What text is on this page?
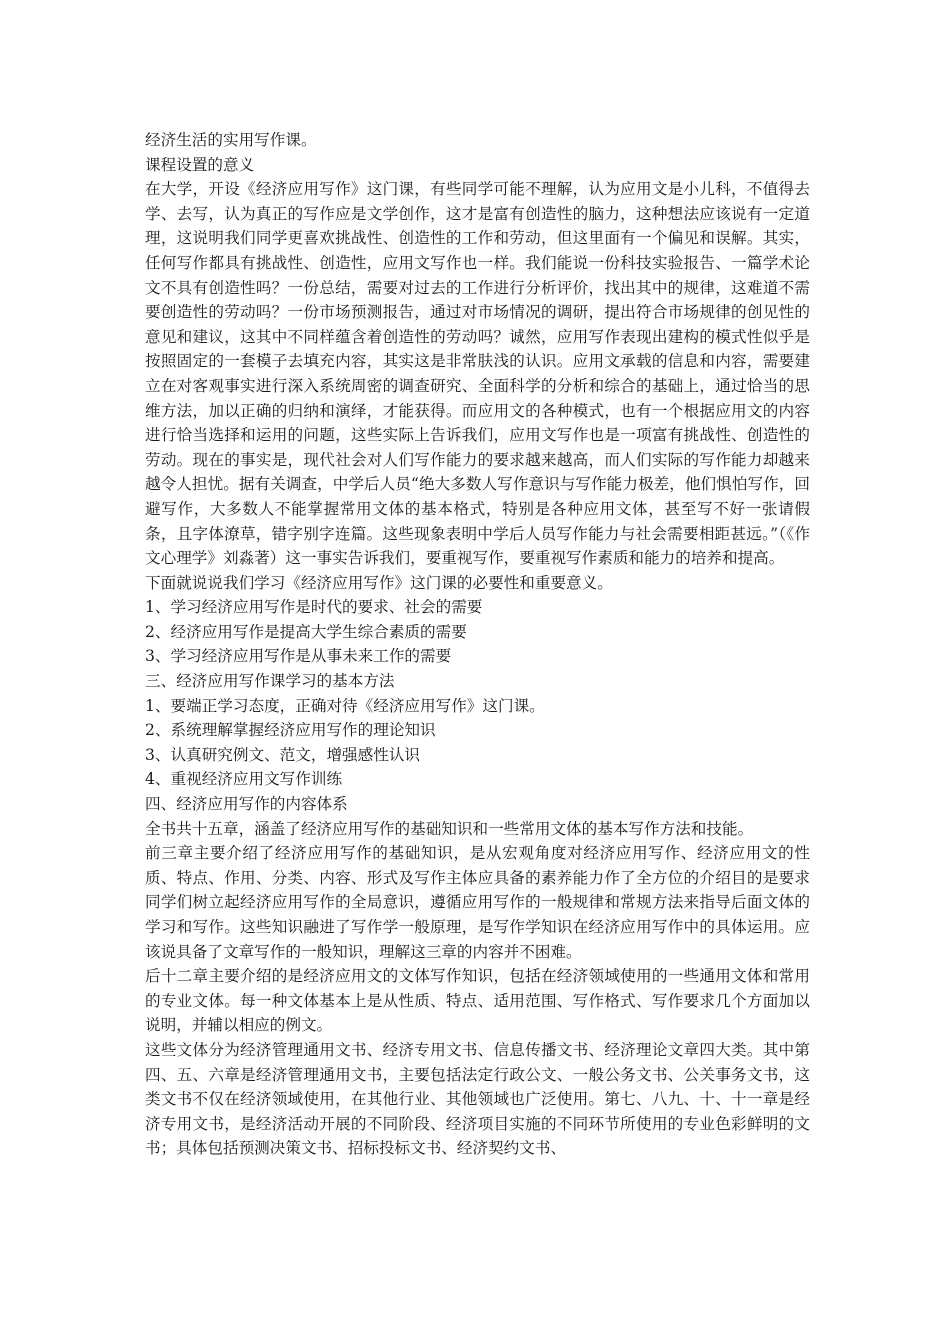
经济生活的实用写作课。

课程设置的意义

在大学，开设《经济应用写作》这门课，有些同学可能不理解，认为应用文是小儿科，不值得去学、去写，认为真正的写作应是文学创作，这才是富有创造性的脑力，这种想法应该说有一定道理，这说明我们同学更喜欢挑战性、创造性的工作和劳动，但这里面有一个偏见和误解。其实，任何写作都具有挑战性、创造性，应用文写作也一样。我们能说一份科技实验报告、一篇学术论文不具有创造性吗？一份总结，需要对过去的工作进行分析评价，找出其中的规律，这难道不需要创造性的劳动吗？一份市场预测报告，通过对市场情况的调研，提出符合市场规律的创见性的意见和建议，这其中不同样蕴含着创造性的劳动吗？诚然，应用写作表现出建构的模式性似乎是按照固定的一套模子去填充内容，其实这是非常肤浅的认识。应用文承载的信息和内容，需要建立在对客观事实进行深入系统周密的调查研究、全面科学的分析和综合的基础上，通过恰当的思维方法，加以正确的归纳和演绎，才能获得。而应用文的各种模式，也有一个根据应用文的内容进行恰当选择和运用的问题，这些实际上告诉我们，应用文写作也是一项富有挑战性、创造性的劳动。现在的事实是，现代社会对人们写作能力的要求越来越高，而人们实际的写作能力却越来越令人担忧。据有关调查，中学后人员“绝大多数人写作意识与写作能力极差，他们惧怕写作，回避写作，大多数人不能掌握常用文体的基本格式，特别是各种应用文体，甚至写不好一张请假条，且字体潦草，错字别字连篇。这些现象表明中学后人员写作能力与社会需要相距甚远。”（《作文心理学》刘淼著）这一事实告诉我们，要重视写作，要重视写作素质和能力的培养和提高。

下面就说说我们学习《经济应用写作》这门课的必要性和重要意义。

1、学习经济应用写作是时代的要求、社会的需要

2、经济应用写作是提高大学生综合素质的需要

3、学习经济应用写作是从事未来工作的需要

三、经济应用写作课学习的基本方法

1、要端正学习态度，正确对待《经济应用写作》这门课。

2、系统理解掌握经济应用写作的理论知识

3、认真研究例文、范文，增强感性认识

4、重视经济应用文写作训练

四、经济应用写作的内容体系

全书共十五章，涵盖了经济应用写作的基础知识和一些常用文体的基本写作方法和技能。

前三章主要介绍了经济应用写作的基础知识，是从宏观角度对经济应用写作、经济应用文的性质、特点、作用、分类、内容、形式及写作主体应具备的素养能力作了全方位的介绍目的是要求同学们树立起经济应用写作的全局意识，遵循应用写作的一般规律和常规方法来指导后面文体的学习和写作。这些知识融进了写作学一般原理，是写作学知识在经济应用写作中的具体运用。应该说具备了文章写作的一般知识，理解这三章的内容并不困难。

后十二章主要介绍的是经济应用文的文体写作知识，包括在经济领域使用的一些通用文体和常用的专业文体。每一种文体基本上是从性质、特点、适用范围、写作格式、写作要求几个方面加以说明，并辅以相应的例文。

这些文体分为经济管理通用文书、经济专用文书、信息传播文书、经济理论文章四大类。其中第四、五、六章是经济管理通用文书，主要包括法定行政公文、一般公务文书、公关事务文书，这类文书不仅在经济领域使用，在其他行业、其他领域也广泛使用。第七、八九、十、十一章是经济专用文书，是经济活动开展的不同阶段、经济项目实施的不同环节所使用的专业色彩鲜明的文书；具体包括预测决策文书、招标投标文书、经济契约文书、
